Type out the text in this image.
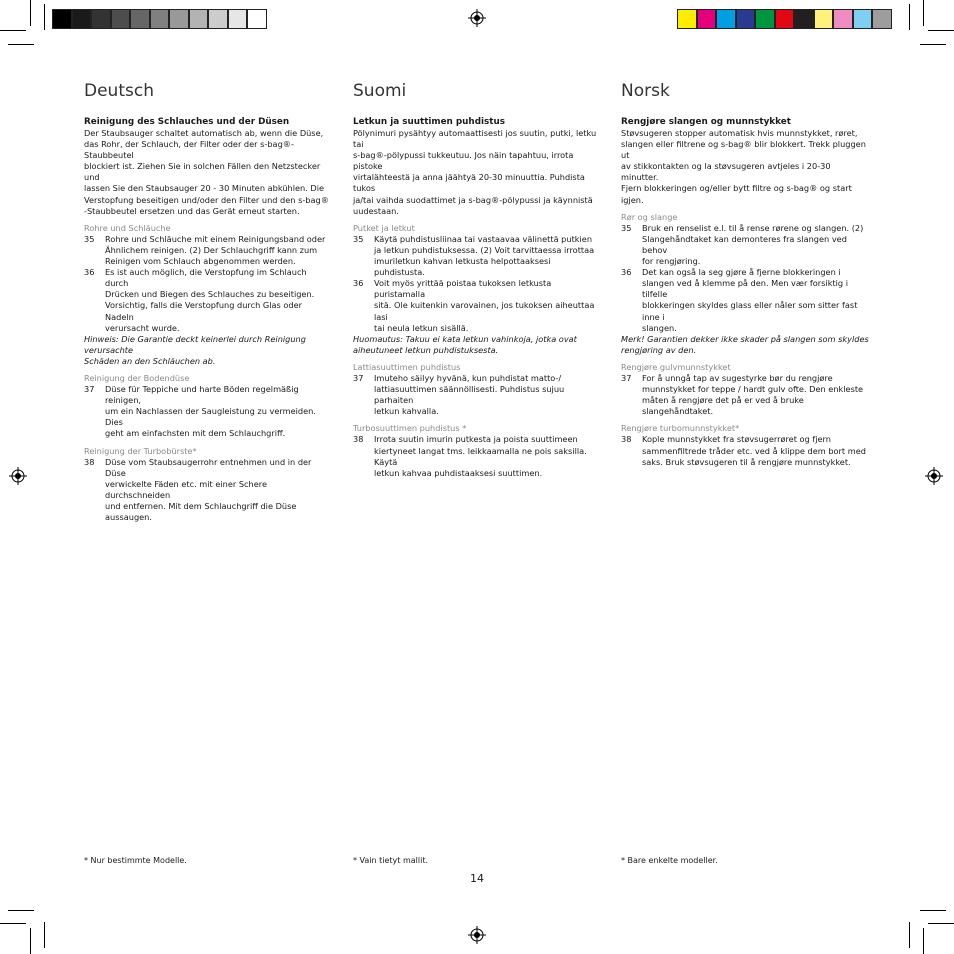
Deutsch
Reinigung des Schlauches und der Düsen
Der Staubsauger schaltet automatisch ab, wenn die Düse,
das Rohr, der Schlauch, der Filter oder der s-bag®-Staubbeutel
blockiert ist. Ziehen Sie in solchen Fällen den Netzstecker und
lassen Sie den Staubsauger 20 - 30 Minuten abkühlen. Die
Verstopfung beseitigen und/oder den Filter und den s-bag®
-Staubbeutel ersetzen und das Gerät erneut starten.
Rohre und Schläuche
35	Rohre und Schläuche mit einem Reinigungsband oder
Ähnlichem reinigen. (2) Der Schlauchgriff kann zum
Reinigen vom Schlauch abgenommen werden.
36	Es ist auch möglich, die Verstopfung im Schlauch durch
Drücken und Biegen des Schlauches zu beseitigen.
Vorsichtig, falls die Verstopfung durch Glas oder Nadeln
verursacht wurde.
Hinweis: Die Garantie deckt keinerlei durch Reinigung verursachte
Schäden an den Schläuchen ab.
Reinigung der Bodendüse
37	Düse für Teppiche und harte Böden regelmäßig reinigen,
um ein Nachlassen der Saugleistung zu vermeiden. Dies
geht am einfachsten mit dem Schlauchgriff.
Reinigung der Turbobürste*
38	Düse vom Staubsaugerrohr entnehmen und in der Düse
verwickelte Fäden etc. mit einer Schere durchschneiden
und entfernen. Mit dem Schlauchgriff die Düse
aussaugen.
Suomi
Letkun ja suuttimen puhdistus
Pölynimuri pysähtyy automaattisesti jos suutin, putki, letku tai
s-bag®-pölypussi tukkeutuu. Jos näin tapahtuu, irrota pistoke
virtalähteestä ja anna jäähtyä 20-30 minuuttia. Puhdista tukos
ja/tai vaihda suodattimet ja s-bag®-pölypussi ja käynnistä
uudestaan.
Putket ja letkut
35	Käytä puhdistusliinaa tai vastaavaa välinettä putkien
ja letkun puhdistuksessa. (2) Voit tarvittaessa irrottaa
imuriletkun kahvan letkusta helpottaaksesi puhdistusta.
36	Voit myös yrittää poistaa tukoksen letkusta puristamalla
sitä. Ole kuitenkin varovainen, jos tukoksen aiheuttaa lasi
tai neula letkun sisällä.
Huomautus: Takuu ei kata letkun vahinkoja, jotka ovat
aiheutuneet letkun puhdistuksesta.
Lattiasuuttimen puhdistus
37	Imuteho säilyy hyvänä, kun puhdistat matto-/
lattiasuuttimen säännöllisesti. Puhdistus sujuu parhaiten
letkun kahvalla.
Turbosuuttimen puhdistus *
38	Irrota suutin imurin putkesta ja poista suuttimeen
kiertyneet langat tms. leikkaamalla ne pois saksilla. Käytä
letkun kahvaa puhdistaaksesi suuttimen.
Norsk
Rengjøre slangen og munnstykket
Støvsugeren stopper automatisk hvis munnstykket, røret,
slangen eller filtrene og s-bag® blir blokkert. Trekk pluggen ut
av stikkontakten og la støvsugeren avtjeles i 20-30 minutter.
Fjern blokkeringen og/eller bytt filtre og s-bag® og start igjen.
Rør og slange
35	Bruk en renselist e.l. til å rense rørene og slangen. (2)
Slangehåndtaket kan demonteres fra slangen ved behov
for rengjøring.
36	Det kan også la seg gjøre å fjerne blokkeringen i
slangen ved å klemme på den. Men vær forsiktig i tilfelle
blokkeringen skyldes glass eller nåler som sitter fast inne i
slangen.
Merk! Garantien dekker ikke skader på slangen som skyldes
rengjøring av den.
Rengjøre gulvmunnstykket
37	For å unngå tap av sugestyrke bør du rengjøre
munnstykket for teppe / hardt gulv ofte. Den enkleste
måten å rengjøre det på er ved å bruke slangehåndtaket.
Rengjøre turbomunnstykket*
38	Kople munnstykket fra støvsugerrøret og fjern
sammenfiltrede tråder etc. ved å klippe dem bort med
saks. Bruk støvsugeren til å rengjøre munnstykket.
* Nur bestimmte Modelle.	* Vain tietyt mallit.	* Bare enkelte modeller.
14
